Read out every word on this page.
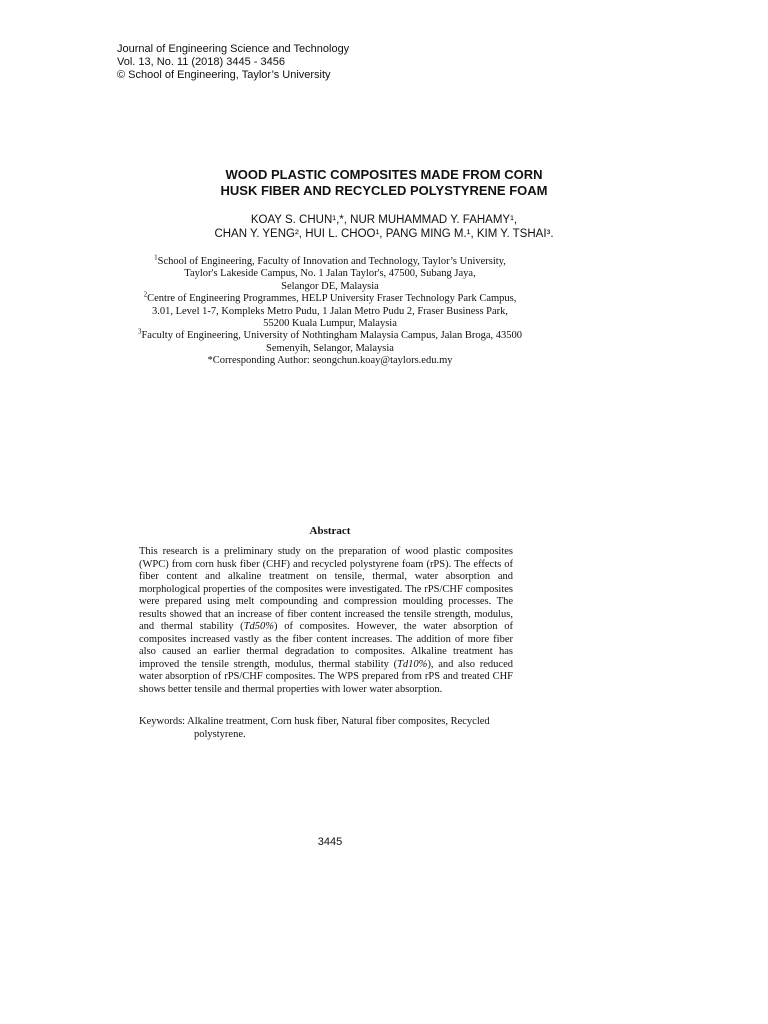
Journal of Engineering Science and Technology
Vol. 13, No. 11 (2018) 3445 - 3456
© School of Engineering, Taylor’s University
WOOD PLASTIC COMPOSITES MADE FROM CORN
HUSK FIBER AND RECYCLED POLYSTYRENE FOAM
KOAY S. CHUN¹,*, NUR MUHAMMAD Y. FAHAMY¹,
CHAN Y. YENG², HUI L. CHOO¹, PANG MING M.¹, KIM Y. TSHAI³.
$^1$School of Engineering, Faculty of Innovation and Technology, Taylor’s University,
Taylor's Lakeside Campus, No. 1 Jalan Taylor's, 47500, Subang Jaya,
Selangor DE, Malaysia
$^2$Centre of Engineering Programmes, HELP University Fraser Technology Park Campus,
3.01, Level 1-7, Kompleks Metro Pudu, 1 Jalan Metro Pudu 2, Fraser Business Park,
55200 Kuala Lumpur, Malaysia
$^3$Faculty of Engineering, University of Nothtingham Malaysia Campus, Jalan Broga, 43500
Semenyih, Selangor, Malaysia
*Corresponding Author: seongchun.koay@taylors.edu.my
Abstract

This research is a preliminary study on the preparation of wood plastic composites (WPC) from corn husk fiber (CHF) and recycled polystyrene foam (rPS). The effects of fiber content and alkaline treatment on tensile, thermal, water absorption and morphological properties of the composites were investigated. The rPS/CHF composites were prepared using melt compounding and compression moulding processes. The results showed that an increase of fiber content increased the tensile strength, modulus, and thermal stability (Td50%) of composites. However, the water absorption of composites increased vastly as the fiber content increases. The addition of more fiber also caused an earlier thermal degradation to composites. Alkaline treatment has improved the tensile strength, modulus, thermal stability (Td10%), and also reduced water absorption of rPS/CHF composites. The WPS prepared from rPS and treated CHF shows better tensile and thermal properties with lower water absorption.

Keywords: Alkaline treatment, Corn husk fiber, Natural fiber composites, Recycled
polystyrene.
3445
